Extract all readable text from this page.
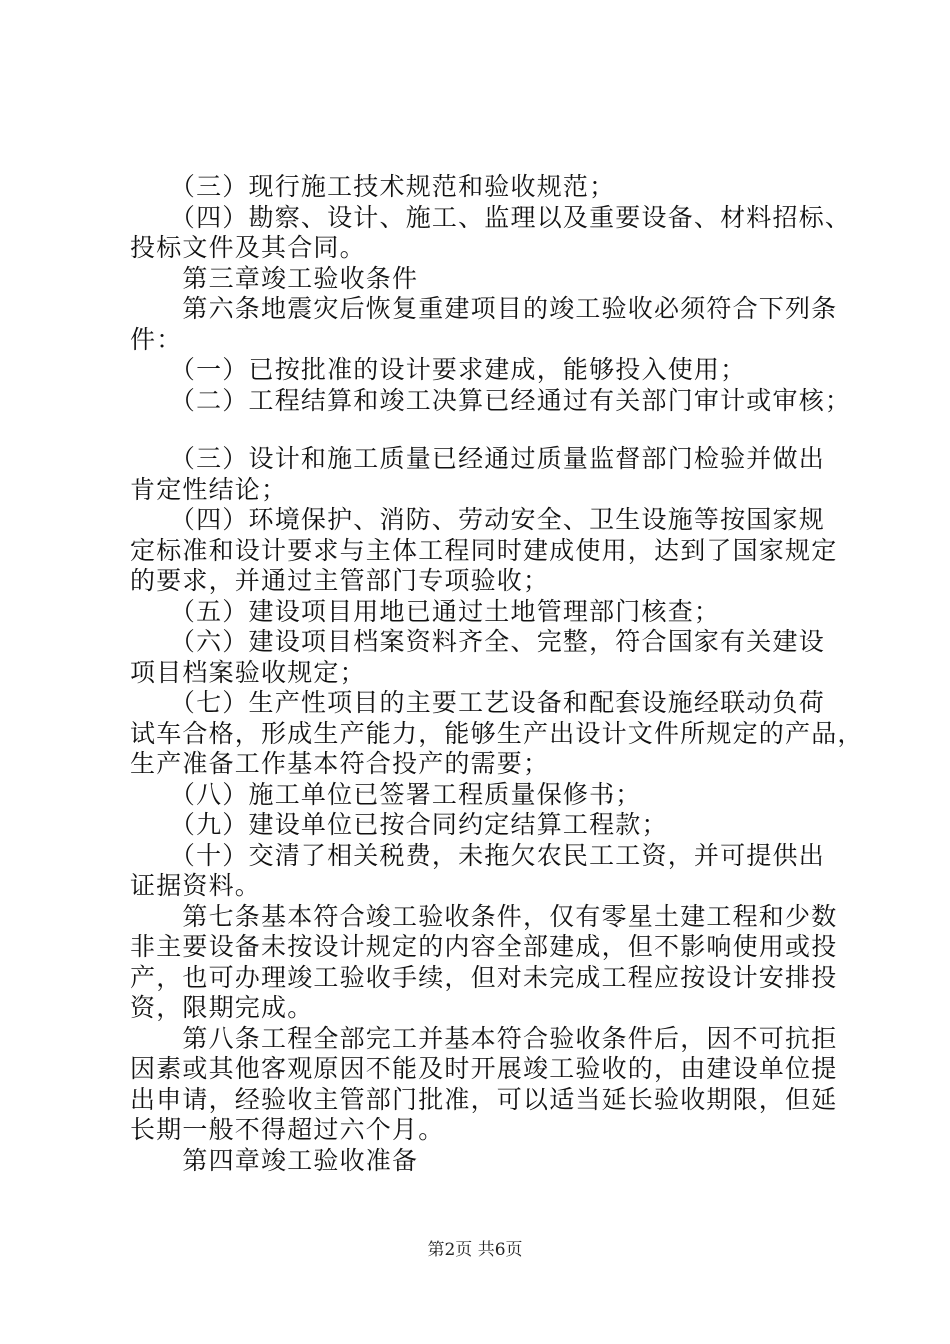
　　（三）现行施工技术规范和验收规范；
　　（四）勘察、设计、施工、监理以及重要设备、材料招标、
投标文件及其合同。
　　第三章竣工验收条件
　　第六条地震灾后恢复重建项目的竣工验收必须符合下列条
件：
　　（一）已按批准的设计要求建成，能够投入使用；
　　（二）工程结算和竣工决算已经通过有关部门审计或审核；
　　（三）设计和施工质量已经通过质量监督部门检验并做出
肯定性结论；
　　（四）环境保护、消防、劳动安全、卫生设施等按国家规
定标准和设计要求与主体工程同时建成使用，达到了国家规定
的要求，并通过主管部门专项验收；
　　（五）建设项目用地已通过土地管理部门核查；
　　（六）建设项目档案资料齐全、完整，符合国家有关建设
项目档案验收规定；
　　（七）生产性项目的主要工艺设备和配套设施经联动负荷
试车合格，形成生产能力，能够生产出设计文件所规定的产品，
生产准备工作基本符合投产的需要；
　　（八）施工单位已签署工程质量保修书；
　　（九）建设单位已按合同约定结算工程款；
　　（十）交清了相关税费，未拖欠农民工工资，并可提供出
证据资料。
　　第七条基本符合竣工验收条件，仅有零星土建工程和少数
非主要设备未按设计规定的内容全部建成，但不影响使用或投
产，也可办理竣工验收手续，但对未完成工程应按设计安排投
资，限期完成。
　　第八条工程全部完工并基本符合验收条件后，因不可抗拒
因素或其他客观原因不能及时开展竣工验收的，由建设单位提
出申请，经验收主管部门批准，可以适当延长验收期限，但延
长期一般不得超过六个月。
　　第四章竣工验收准备
第2页 共6页
